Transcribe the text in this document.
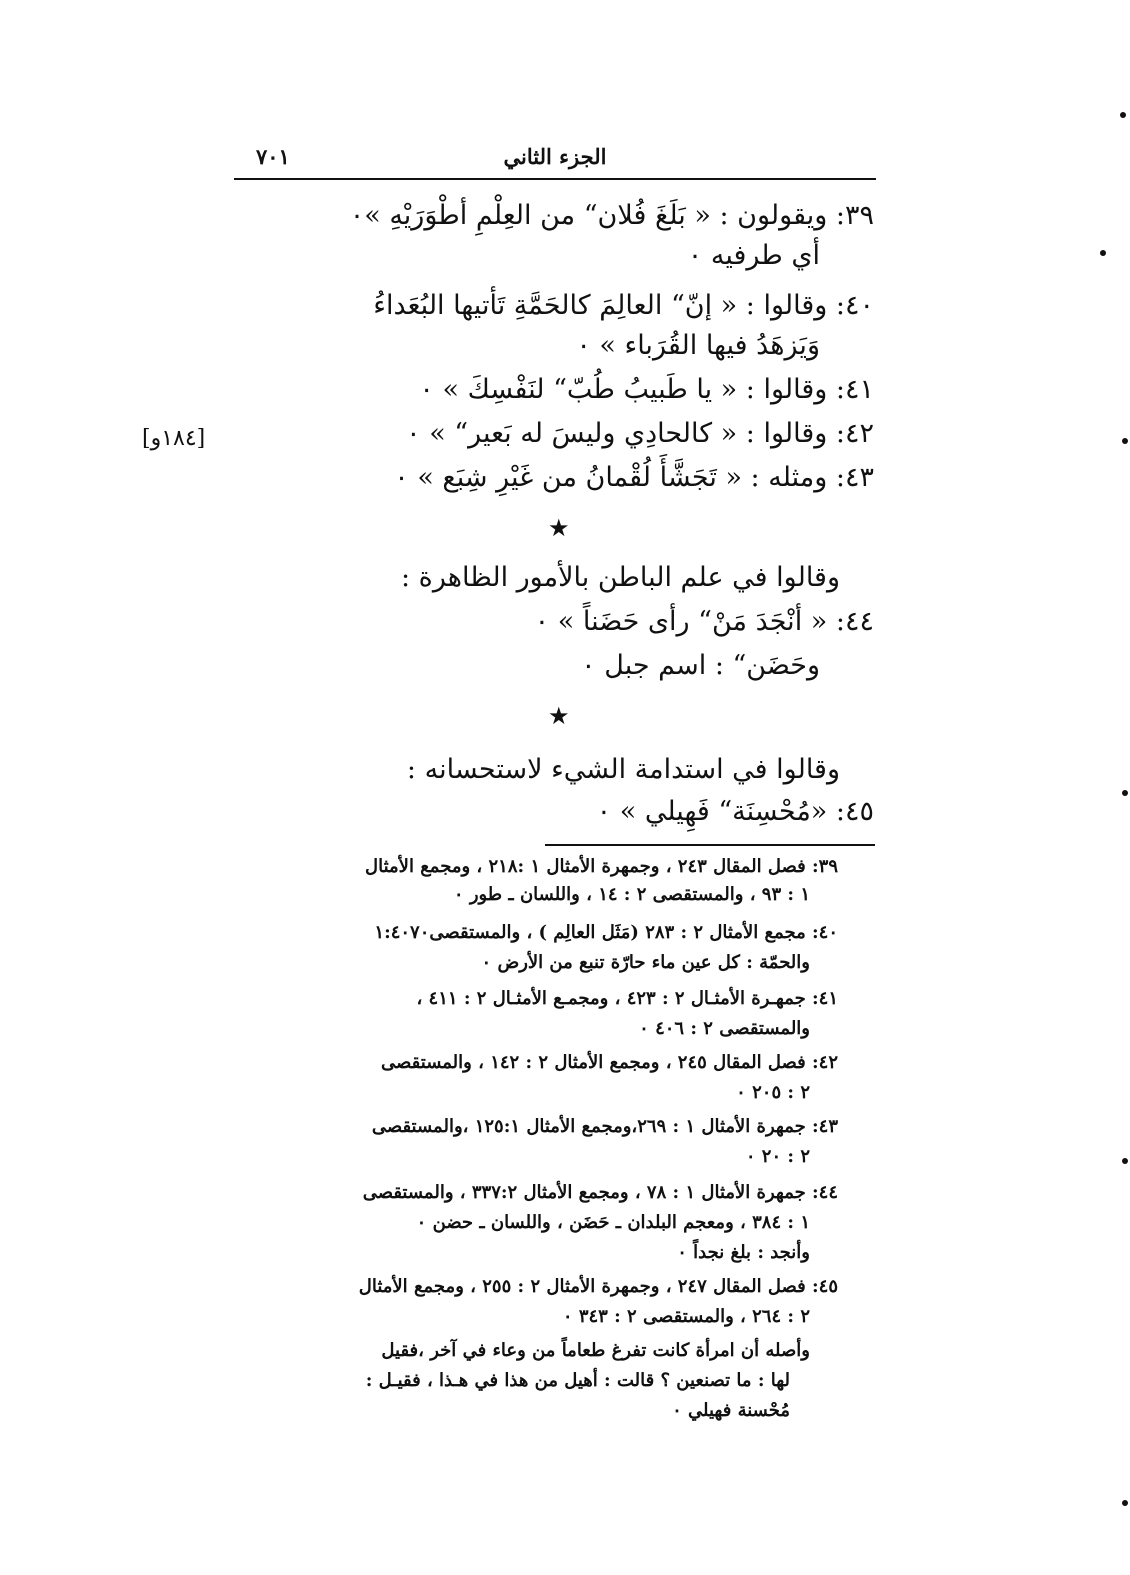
الجزء الثاني
٧٠١
[١٨٤و]
٣٩: ويقولون : « بَلَغَ فُلان“ من العِلْمِ أطْوَرَيْهِ »٠
أي طرفيه ٠
٤٠: وقالوا : « إنّ“ العالِمَ كالحَمَّةِ تَأتيها البُعَداءُ
وَيَزهَدُ فيها القُرَباء » ٠
٤١: وقالوا : « يا طَبيبُ طُبّ“ لنَفْسِكَ » ٠
٤٢: وقالوا : « كالحادِي وليسَ له بَعير“ » ٠
٤٣: ومثله : « تَجَشَّأَ لُقْمانُ من غَيْرِ شِبَع » ٠
★
وقالوا في علم الباطن بالأمور الظاهرة :
٤٤: « أنْجَدَ مَنْ“ رأى حَضَناً » ٠
وحَضَن“ : اسم جبل ٠
★
وقالوا في استدامة الشيء لاستحسانه :
٤٥: «مُحْسِنَة“ فَهِيلي » ٠
٣٩: فصل المقال ٢٤٣ ، وجمهرة الأمثال ١ :٢١٨ ، ومجمع الأمثال
١ : ٩٣ ، والمستقصى ٢ : ١٤ ، واللسان ـ طور ٠
٤٠: مجمع الأمثال ٢ : ٢٨٣ (مَثَل العالِم ) ، والمستقصى١:٤٠٧٠
والحمّة : كل عين ماء حارّة تنبع من الأرض ٠
٤١: جمهـرة الأمثـال ٢ : ٤٢٣ ، ومجمـع الأمثـال ٢ : ٤١١ ،
والمستقصى ٢ : ٤٠٦ ٠
٤٢: فصل المقال ٢٤٥ ، ومجمع الأمثال ٢ : ١٤٢ ، والمستقصى
٢ : ٢٠٥ ٠
٤٣: جمهرة الأمثال ١ : ٢٦٩،ومجمع الأمثال ١٢٥:١ ،والمستقصى
٢ : ٢٠ ٠
٤٤: جمهرة الأمثال ١ : ٧٨ ، ومجمع الأمثال ٣٣٧:٢ ، والمستقصى
١ : ٣٨٤ ، ومعجم البلدان ـ حَضَن ، واللسان ـ حضن ٠
وأنجد : بلغ نجداً ٠
٤٥: فصل المقال ٢٤٧ ، وجمهرة الأمثال ٢ : ٢٥٥ ، ومجمع الأمثال
٢ : ٢٦٤ ، والمستقصى ٢ : ٣٤٣ ٠
وأصله أن امرأة كانت تفرغ طعاماً من وعاء في آخر ،فقيل
لها : ما تصنعين ؟ قالت : أهيل من هذا في هـذا ، فقيـل :
مُحْسنة فهيلي ٠
